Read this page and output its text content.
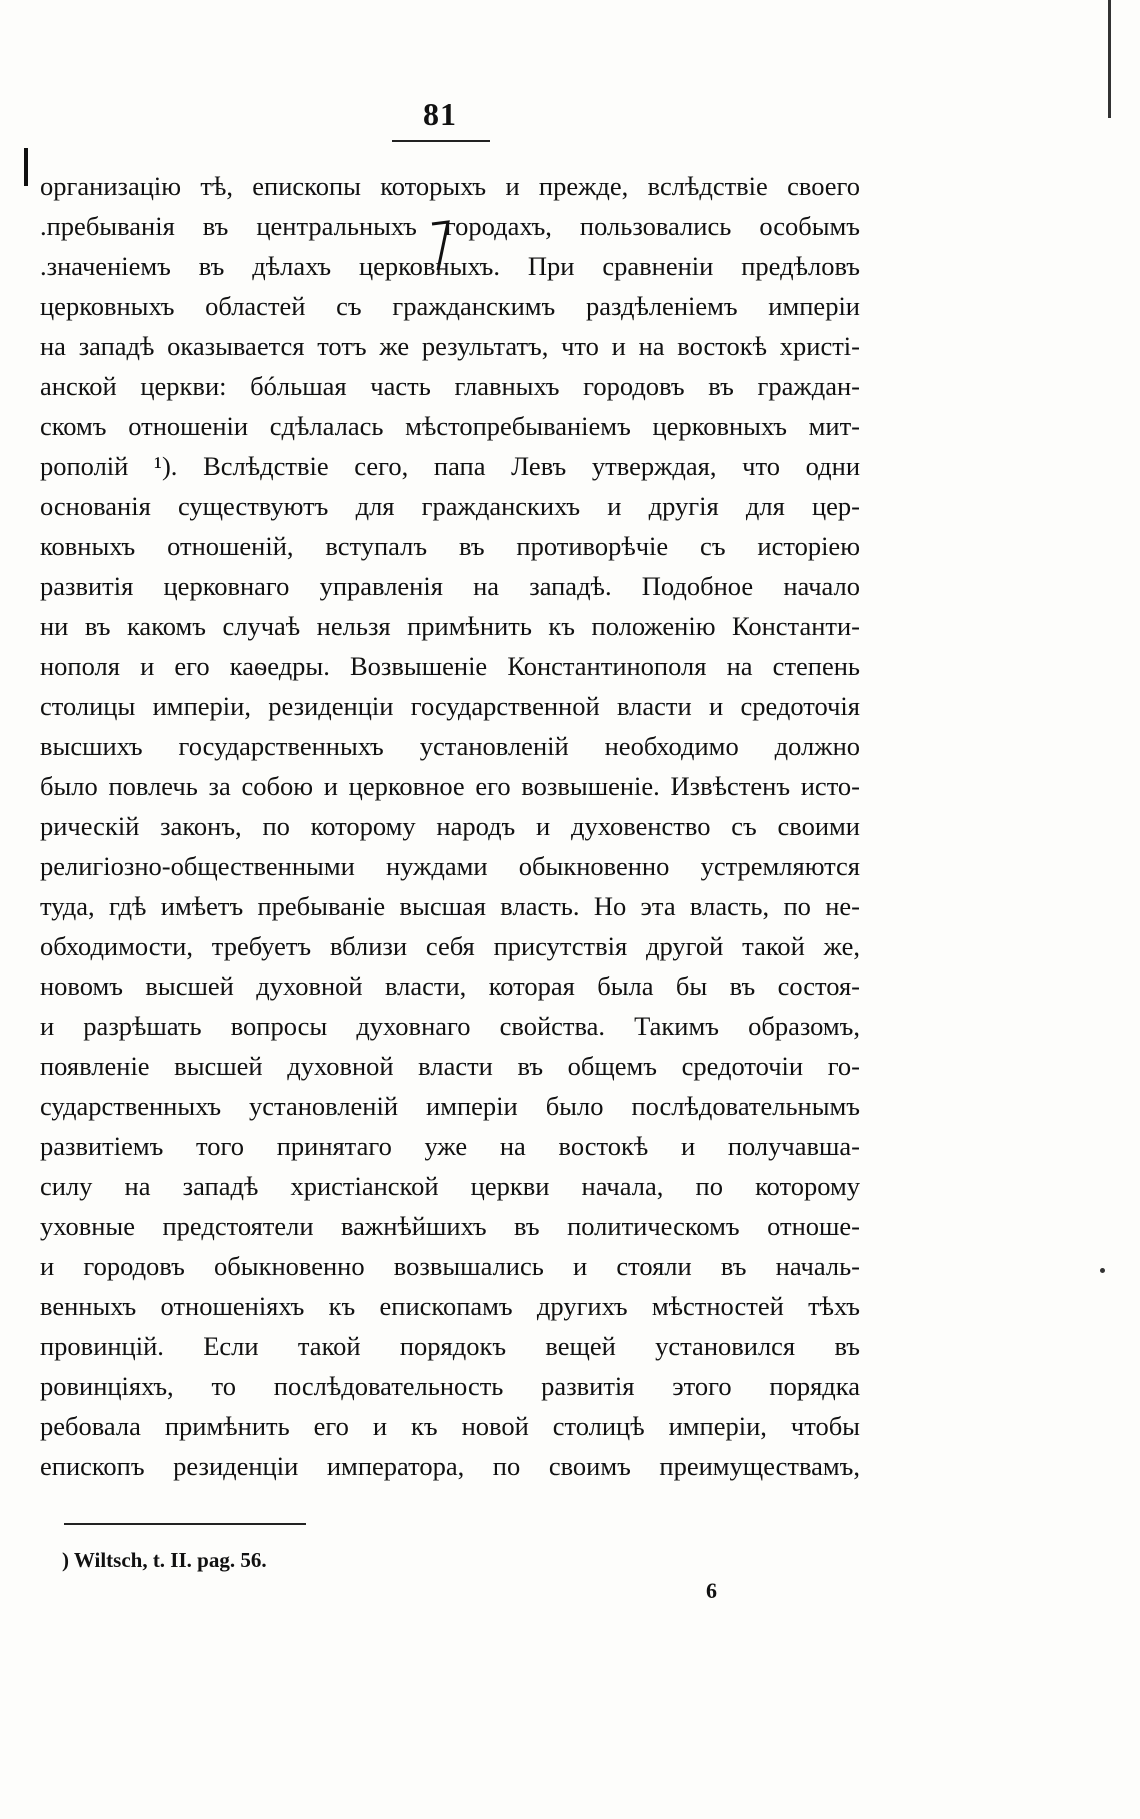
81
организацію тѣ, епископы которыхъ и прежде, вслѣдствіе своего
.пребыванія въ центральныхъ городахъ, пользовались особымъ
.значеніемъ въ дѣлахъ церковныхъ. При сравненіи предѣловъ
церковныхъ областей съ гражданскимъ раздѣленіемъ имперіи
на западѣ оказывается тотъ же результатъ, что и на востокѣ христі-
анской церкви: бóльшая часть главныхъ городовъ въ граждан-
скомъ отношеніи сдѣлалась мѣстопребываніемъ церковныхъ мит-
рополій ¹). Вслѣдствіе сего, папа Левъ утверждая, что одни
основанія существуютъ для гражданскихъ и другія для цер-
ковныхъ отношеній, вступалъ въ противорѣчіе съ исторіею
развитія церковнаго управленія на западѣ. Подобное начало
ни въ какомъ случаѣ нельзя примѣнить къ положенію Константи-
нополя и его каѳедры. Возвышеніе Константинополя на степень
столицы имперіи, резиденціи государственной власти и средоточія
высшихъ государственныхъ установленій необходимо должно
было повлечь за собою и церковное его возвышеніе. Извѣстенъ исто-
рическій законъ, по которому народъ и духовенство съ своими
религіозно-общественными нуждами обыкновенно устремляются
туда, гдѣ имѣетъ пребываніе высшая власть. Но эта власть, по не-
обходимости, требуетъ вблизи себя присутствія другой такой же,
новомъ высшей духовной власти, которая была бы въ состоя-
и разрѣшать вопросы духовнаго свойства. Такимъ образомъ,
появленіе высшей духовной власти въ общемъ средоточіи го-
сударственныхъ установленій имперіи было послѣдовательнымъ
развитіемъ того принятаго уже на востокѣ и получавша-
силу на западѣ христіанской церкви начала, по которому
уховные предстоятели важнѣйшихъ въ политическомъ отноше-
и городовъ обыкновенно возвышались и стояли въ началь-
венныхъ отношеніяхъ къ епископамъ другихъ мѣстностей тѣхъ
провинцій. Если такой порядокъ вещей установился въ
ровинціяхъ, то послѣдовательность развитія этого порядка
ребовала примѣнить его и къ новой столицѣ имперіи, чтобы
епископъ резиденціи императора, по своимъ преимуществамъ,
) Wiltsch, t. II. pag. 56.
6
